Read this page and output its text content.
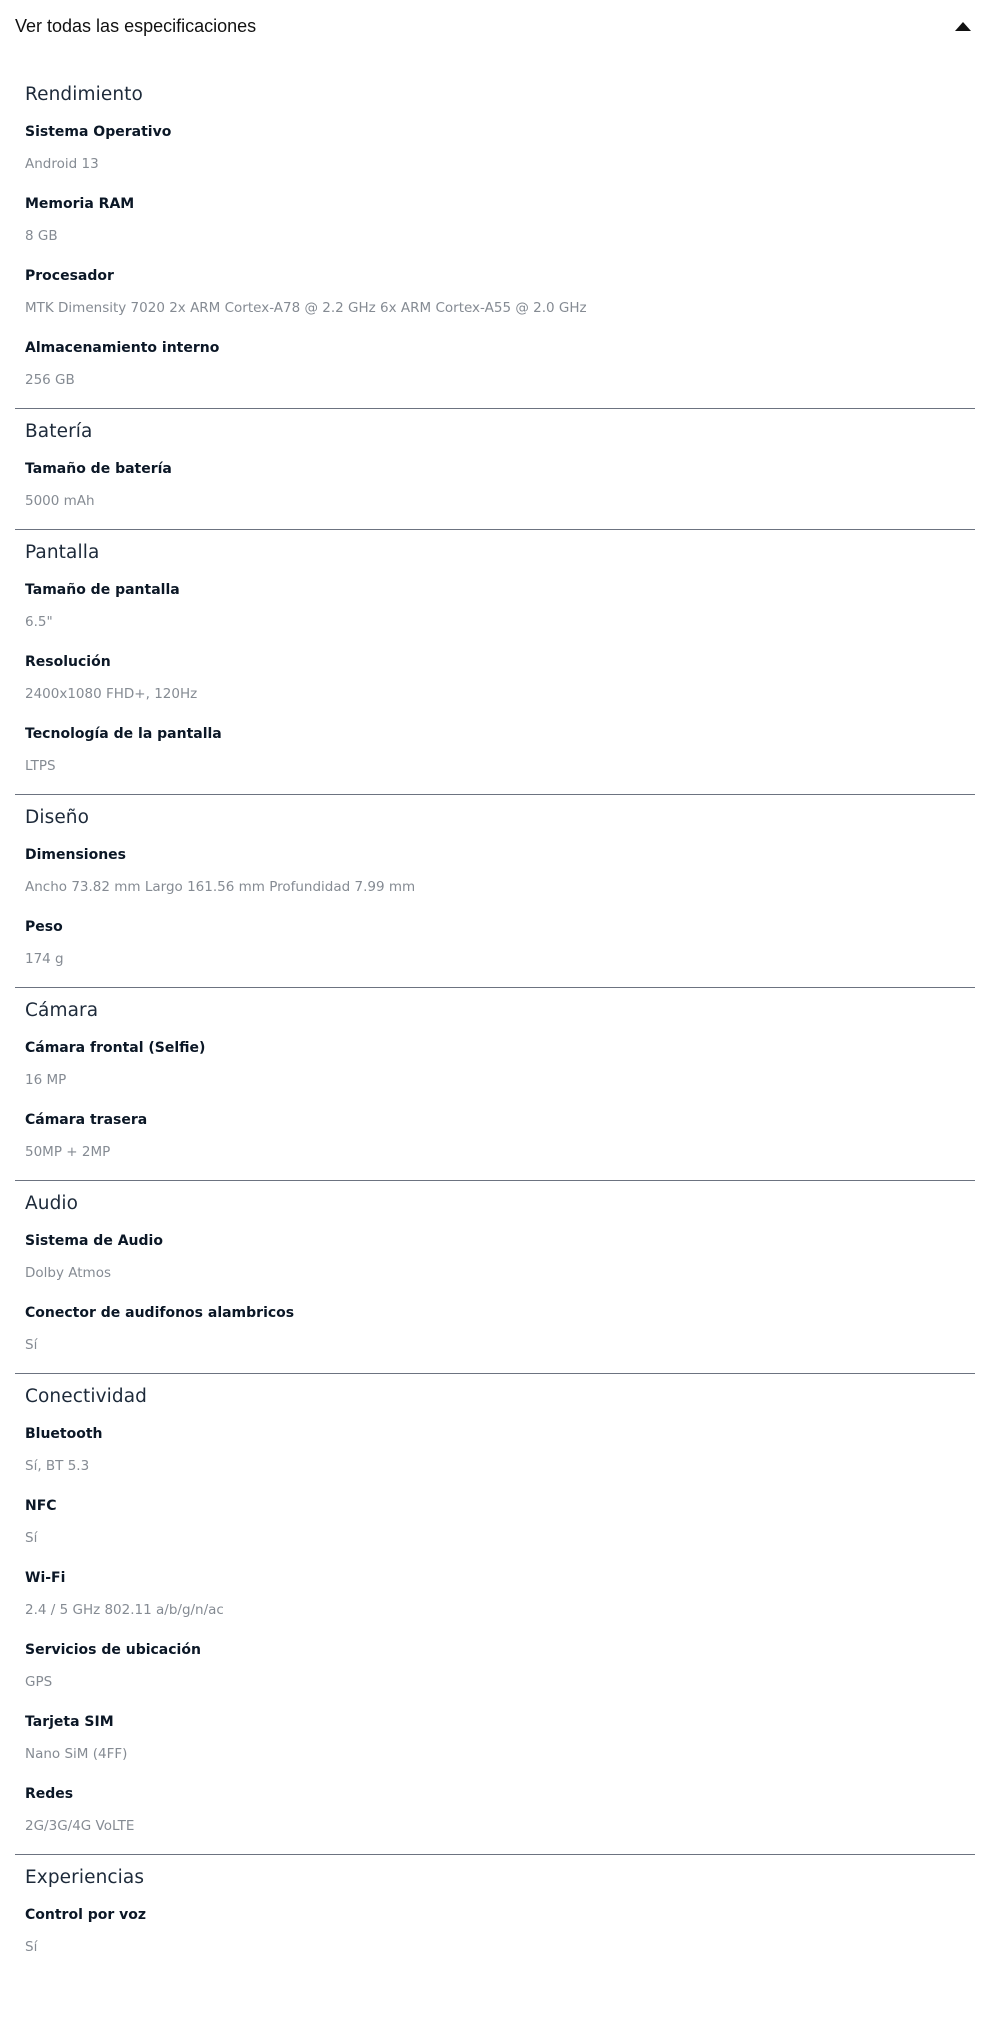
Ver todas las especificaciones
Rendimiento
Sistema Operativo
Android 13
Memoria RAM
8 GB
Procesador
MTK Dimensity 7020 2x ARM Cortex-A78 @ 2.2 GHz 6x ARM Cortex-A55 @ 2.0 GHz
Almacenamiento interno
256 GB
Batería
Tamaño de batería
5000 mAh
Pantalla
Tamaño de pantalla
6.5"
Resolución
2400x1080 FHD+, 120Hz
Tecnología de la pantalla
LTPS
Diseño
Dimensiones
Ancho 73.82 mm Largo 161.56 mm Profundidad 7.99 mm
Peso
174 g
Cámara
Cámara frontal (Selfie)
16 MP
Cámara trasera
50MP + 2MP
Audio
Sistema de Audio
Dolby Atmos
Conector de audifonos alambricos
Sí
Conectividad
Bluetooth
Sí, BT 5.3
NFC
Sí
Wi-Fi
2.4 / 5 GHz 802.11 a/b/g/n/ac
Servicios de ubicación
GPS
Tarjeta SIM
Nano SiM (4FF)
Redes
2G/3G/4G VoLTE
Experiencias
Control por voz
Sí
